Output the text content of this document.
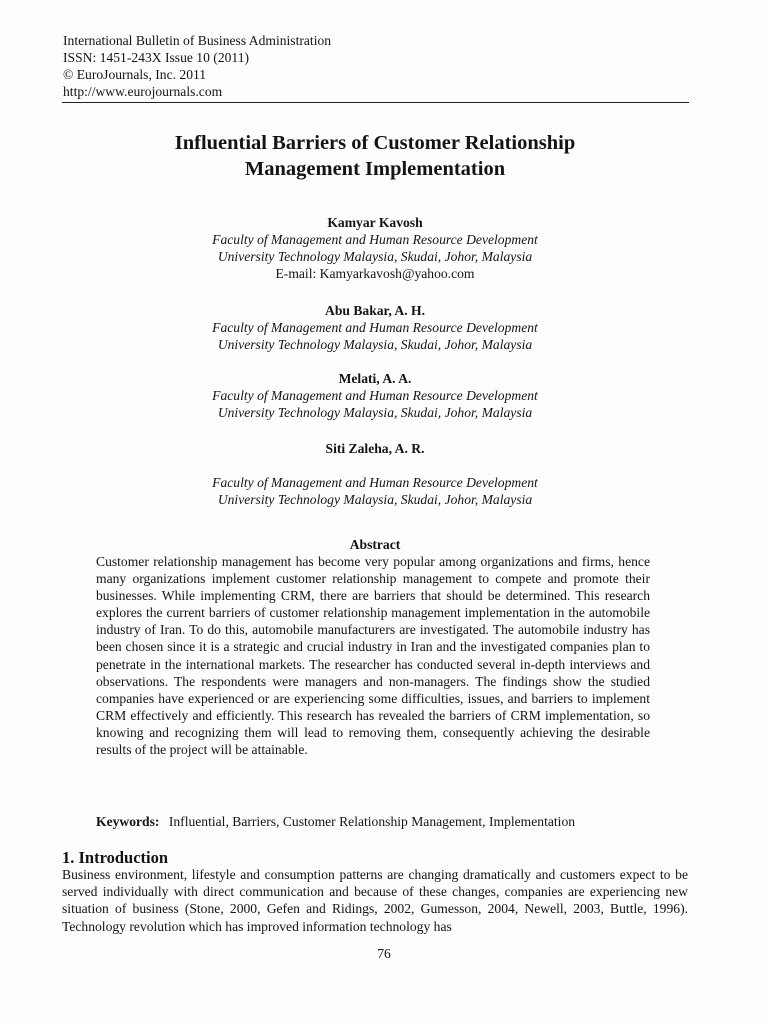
International Bulletin of Business Administration
ISSN: 1451-243X Issue 10 (2011)
© EuroJournals, Inc. 2011
http://www.eurojournals.com
Influential Barriers of Customer Relationship
Management Implementation
Kamyar Kavosh
Faculty of Management and Human Resource Development
University Technology Malaysia, Skudai, Johor, Malaysia
E-mail: Kamyarkavosh@yahoo.com
Abu Bakar, A. H.
Faculty of Management and Human Resource Development
University Technology Malaysia, Skudai, Johor, Malaysia
Melati, A. A.
Faculty of Management and Human Resource Development
University Technology Malaysia, Skudai, Johor, Malaysia
Siti Zaleha, A. R.
Faculty of Management and Human Resource Development
University Technology Malaysia, Skudai, Johor, Malaysia
Abstract
Customer relationship management has become very popular among organizations and firms, hence many organizations implement customer relationship management to compete and promote their businesses. While implementing CRM, there are barriers that should be determined. This research explores the current barriers of customer relationship management implementation in the automobile industry of Iran. To do this, automobile manufacturers are investigated. The automobile industry has been chosen since it is a strategic and crucial industry in Iran and the investigated companies plan to penetrate in the international markets. The researcher has conducted several in-depth interviews and observations. The respondents were managers and non-managers. The findings show the studied companies have experienced or are experiencing some difficulties, issues, and barriers to implement CRM effectively and efficiently. This research has revealed the barriers of CRM implementation, so knowing and recognizing them will lead to removing them, consequently achieving the desirable results of the project will be attainable.
Keywords: Influential, Barriers, Customer Relationship Management, Implementation
1. Introduction
Business environment, lifestyle and consumption patterns are changing dramatically and customers expect to be served individually with direct communication and because of these changes, companies are experiencing new situation of business (Stone, 2000, Gefen and Ridings, 2002, Gumesson, 2004, Newell, 2003, Buttle, 1996). Technology revolution which has improved information technology has
76
